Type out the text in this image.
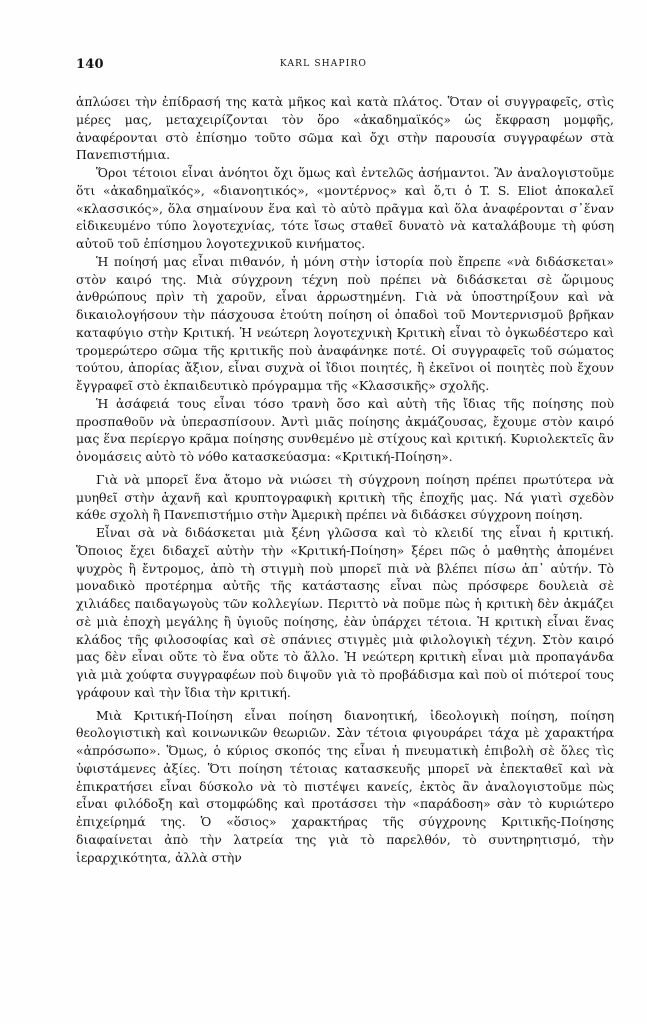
140	KARL SHAPIRO

ἁπλώσει τὴν ἐπίδρασή της κατὰ μῆκος καὶ κατὰ πλάτος. Ὅταν οἱ συγγραφεῖς, στὶς μέρες μας, μεταχειρίζονται τὸν ὅρο «ἀκαδημαϊκός» ὡς ἔκφραση μομφῆς, ἀναφέρονται στὸ ἐπίσημο τοῦτο σῶμα καὶ ὄχι στὴν παρουσία συγγραφέων στὰ Πανεπιστήμια.

Ὅροι τέτοιοι εἶναι ἀνόητοι ὄχι ὅμως καὶ ἐντελῶς ἀσήμαντοι. Ἂν ἀναλογιστοῦμε ὅτι «ἀκαδημαϊκός», «διανοητικός», «μοντέρνος» καὶ ὅ,τι ὁ T. S. Eliot ἀποκαλεῖ «κλασσικός», ὅλα σημαίνουν ἕνα καὶ τὸ αὐτὸ πρᾶγμα καὶ ὅλα ἀναφέρονται σ᾽ἕναν εἰδικευμένο τύπο λογοτεχνίας, τότε ἴσως σταθεῖ δυνατὸ νὰ καταλάβουμε τὴ φύση αὐτοῦ τοῦ ἐπίσημου λογοτεχνικοῦ κινήματος.

Ἡ ποίησή μας εἶναι πιθανόν, ἡ μόνη στὴν ἱστορία ποὺ ἔπρεπε «νὰ διδάσκεται» στὸν καιρό της. Μιὰ σύγχρονη τέχνη ποὺ πρέπει νὰ διδάσκεται σὲ ὥριμους ἀνθρώπους πρὶν τὴ χαροῦν, εἶναι ἀρρωστημένη. Γιὰ νὰ ὑποστηρίξουν καὶ νὰ δικαιολογήσουν τὴν πάσχουσα ἐτούτη ποίηση οἱ ὀπαδοὶ τοῦ Μοντερνισμοῦ βρῆκαν καταφύγιο στὴν Κριτική. Ἡ νεώτερη λογοτεχνικὴ Κριτικὴ εἶναι τὸ ὀγκωδέστερο καὶ τρομερώτερο σῶμα τῆς κριτικῆς ποὺ ἀναφάνηκε ποτέ. Οἱ συγγραφεῖς τοῦ σώματος τούτου, ἀπορίας ἄξιον, εἶναι συχνὰ οἱ ἴδιοι ποιητές, ἢ ἐκεῖνοι οἱ ποιητὲς ποὺ ἔχουν ἔγγραφεῖ στὸ ἐκπαιδευτικὸ πρόγραμμα τῆς «Κλασσικῆς» σχολῆς.

Ἡ ἀσάφειά τους εἶναι τόσο τρανὴ ὅσο καὶ αὐτὴ τῆς ἴδιας τῆς ποίησης ποὺ προσπαθοῦν νὰ ὑπερασπίσουν. Ἀντὶ μιᾶς ποίησης ἀκμάζουσας, ἔχουμε στὸν καιρό μας ἕνα περίεργο κρᾶμα ποίησης συνθεμένο μὲ στίχους καὶ κριτική. Κυριολεκτεῖς ἂν ὀνομάσεις αὐτὸ τὸ νόθο κατασκεύασμα: «Κριτική-Ποίηση».

Γιὰ νὰ μπορεῖ ἕνα ἄτομο νὰ νιώσει τὴ σύγχρονη ποίηση πρέπει πρωτύτερα νὰ μυηθεῖ στὴν ἀχανῆ καὶ κρυπτογραφικὴ κριτικὴ τῆς ἐποχῆς μας. Νά γιατὶ σχεδὸν κάθε σχολὴ ἢ Πανεπιστήμιο στὴν Ἀμερικὴ πρέπει νὰ διδάσκει σύγχρονη ποίηση.

Εἶναι σὰ νὰ διδάσκεται μιὰ ξένη γλῶσσα καὶ τὸ κλειδί της εἶναι ἡ κριτική. Ὅποιος ἔχει διδαχεῖ αὐτὴν τὴν «Κριτική-Ποίηση» ξέρει πῶς ὁ μαθητὴς ἀπομένει ψυχρὸς ἢ ἔντρομος, ἀπὸ τὴ στιγμὴ ποὺ μπορεῖ πιὰ νὰ βλέπει πίσω ἀπ᾽ αὐτήν. Τὸ μοναδικὸ προτέρημα αὐτῆς τῆς κατάστασης εἶναι πὼς πρόσφερε δουλειὰ σὲ χιλιάδες παιδαγωγοὺς τῶν κολλεγίων. Περιττὸ νὰ ποῦμε πὼς ἡ κριτικὴ δὲν ἀκμάζει σὲ μιὰ ἐποχὴ μεγάλης ἢ ὑγιοῦς ποίησης, ἐὰν ὑπάρχει τέτοια. Ἡ κριτικὴ εἶναι ἕνας κλάδος τῆς φιλοσοφίας καὶ σὲ σπάνιες στιγμὲς μιὰ φιλολογικὴ τέχνη. Στὸν καιρό μας δὲν εἶναι οὔτε τὸ ἕνα οὔτε τὸ ἄλλο. Ἡ νεώτερη κριτικὴ εἶναι μιὰ προπαγάνδα γιὰ μιὰ χούφτα συγγραφέων ποὺ διψοῦν γιὰ τὸ προβάδισμα καὶ ποὺ οἱ πιότεροί τους γράφουν καὶ τὴν ἴδια τὴν κριτική.

Μιὰ Κριτική-Ποίηση εἶναι ποίηση διανοητική, ἰδεολογικὴ ποίηση, ποίηση θεολογιστικὴ καὶ κοινωνικῶν θεωριῶν. Σὰν τέτοια φιγουράρει τάχα μὲ χαρακτήρα «ἀπρόσωπο». Ὅμως, ὁ κύριος σκοπός της εἶναι ἡ πνευματικὴ ἐπιβολὴ σὲ ὅλες τὶς ὑφιστάμενες ἀξίες. Ὅτι ποίηση τέτοιας κατασκευῆς μπορεῖ νὰ ἐπεκταθεῖ καὶ νὰ ἐπικρατήσει εἶναι δύσκολο νὰ τὸ πιστέψει κανείς, ἐκτὸς ἂν ἀναλογιστοῦμε πὼς εἶναι φιλόδοξη καὶ στομφώδης καὶ προτάσσει τὴν «παράδοση» σὰν τὸ κυριώτερο ἐπιχείρημά της. Ὁ «ὅσιος» χαρακτήρας τῆς σύγχρονης Κριτικῆς-Ποίησης διαφαίνεται ἀπὸ τὴν λατρεία της γιὰ τὸ παρελθόν, τὸ συντηρητισμό, τὴν ἱεραρχικότητα, ἀλλὰ στὴν
